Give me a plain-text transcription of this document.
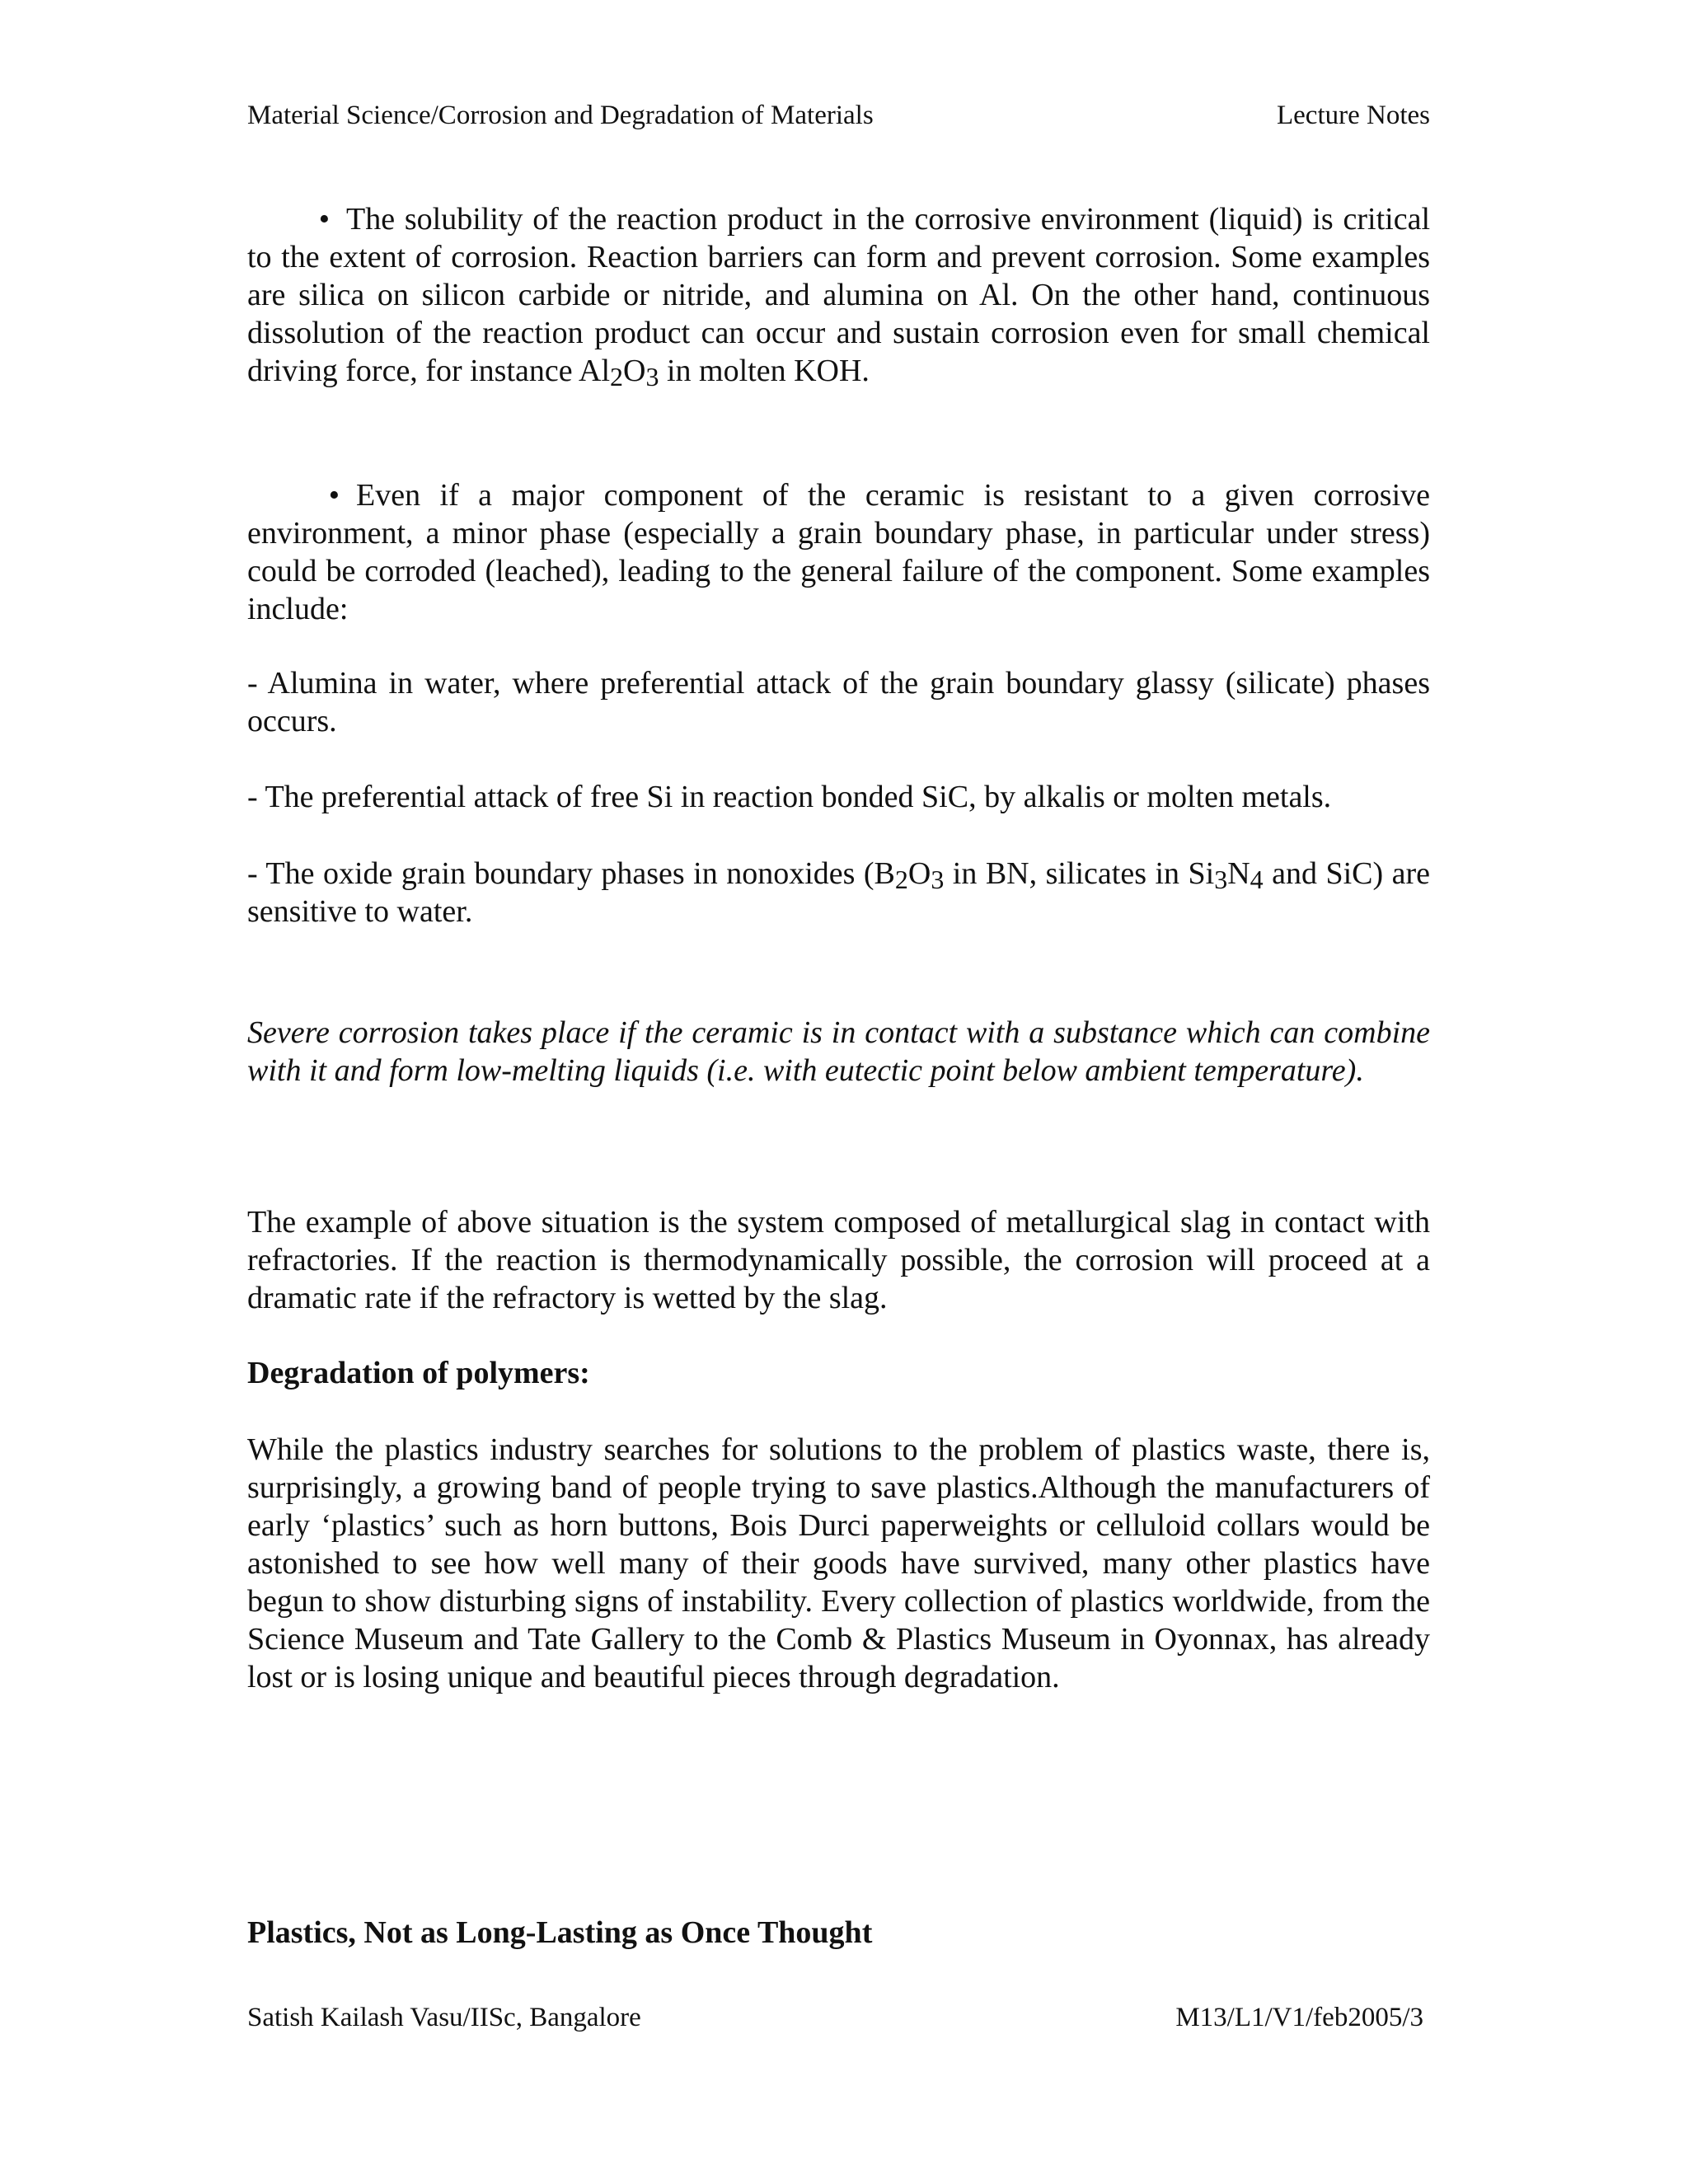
Material Science/Corrosion and Degradation of Materials	Lecture Notes
•The solubility of the reaction product in the corrosive environment (liquid) is critical to the extent of corrosion. Reaction barriers can form and prevent corrosion. Some examples are silica on silicon carbide or nitride, and alumina on Al. On the other hand, continuous dissolution of the reaction product can occur and sustain corrosion even for small chemical driving force, for instance $Al_2O_3$ in molten KOH.
•Even if a major component of the ceramic is resistant to a given corrosive environment, a minor phase (especially a grain boundary phase, in particular under stress) could be corroded (leached), leading to the general failure of the component. Some examples include:
- Alumina in water, where preferential attack of the grain boundary glassy (silicate) phases occurs.
- The preferential attack of free Si in reaction bonded SiC, by alkalis or molten metals.
- The oxide grain boundary phases in nonoxides ($B_2O_3$ in BN, silicates in $Si_3N_4$ and SiC) are sensitive to water.
Severe corrosion takes place if the ceramic is in contact with a substance which can combine with it and form low-melting liquids (i.e. with eutectic point below ambient temperature).
The example of above situation is the system composed of metallurgical slag in contact with refractories. If the reaction is thermodynamically possible, the corrosion will proceed at a dramatic rate if the refractory is wetted by the slag.
Degradation of polymers:
While the plastics industry searches for solutions to the problem of plastics waste, there is, surprisingly, a growing band of people trying to save plastics.Although the manufacturers of early ‘plastics’ such as horn buttons, Bois Durci paperweights or celluloid collars would be astonished to see how well many of their goods have survived, many other plastics have begun to show disturbing signs of instability. Every collection of plastics worldwide, from the Science Museum and Tate Gallery to the Comb & Plastics Museum in Oyonnax, has already lost or is losing unique and beautiful pieces through degradation.
Plastics, Not as Long-Lasting as Once Thought
Satish Kailash Vasu/IISc, Bangalore	M13/L1/V1/feb2005/3
